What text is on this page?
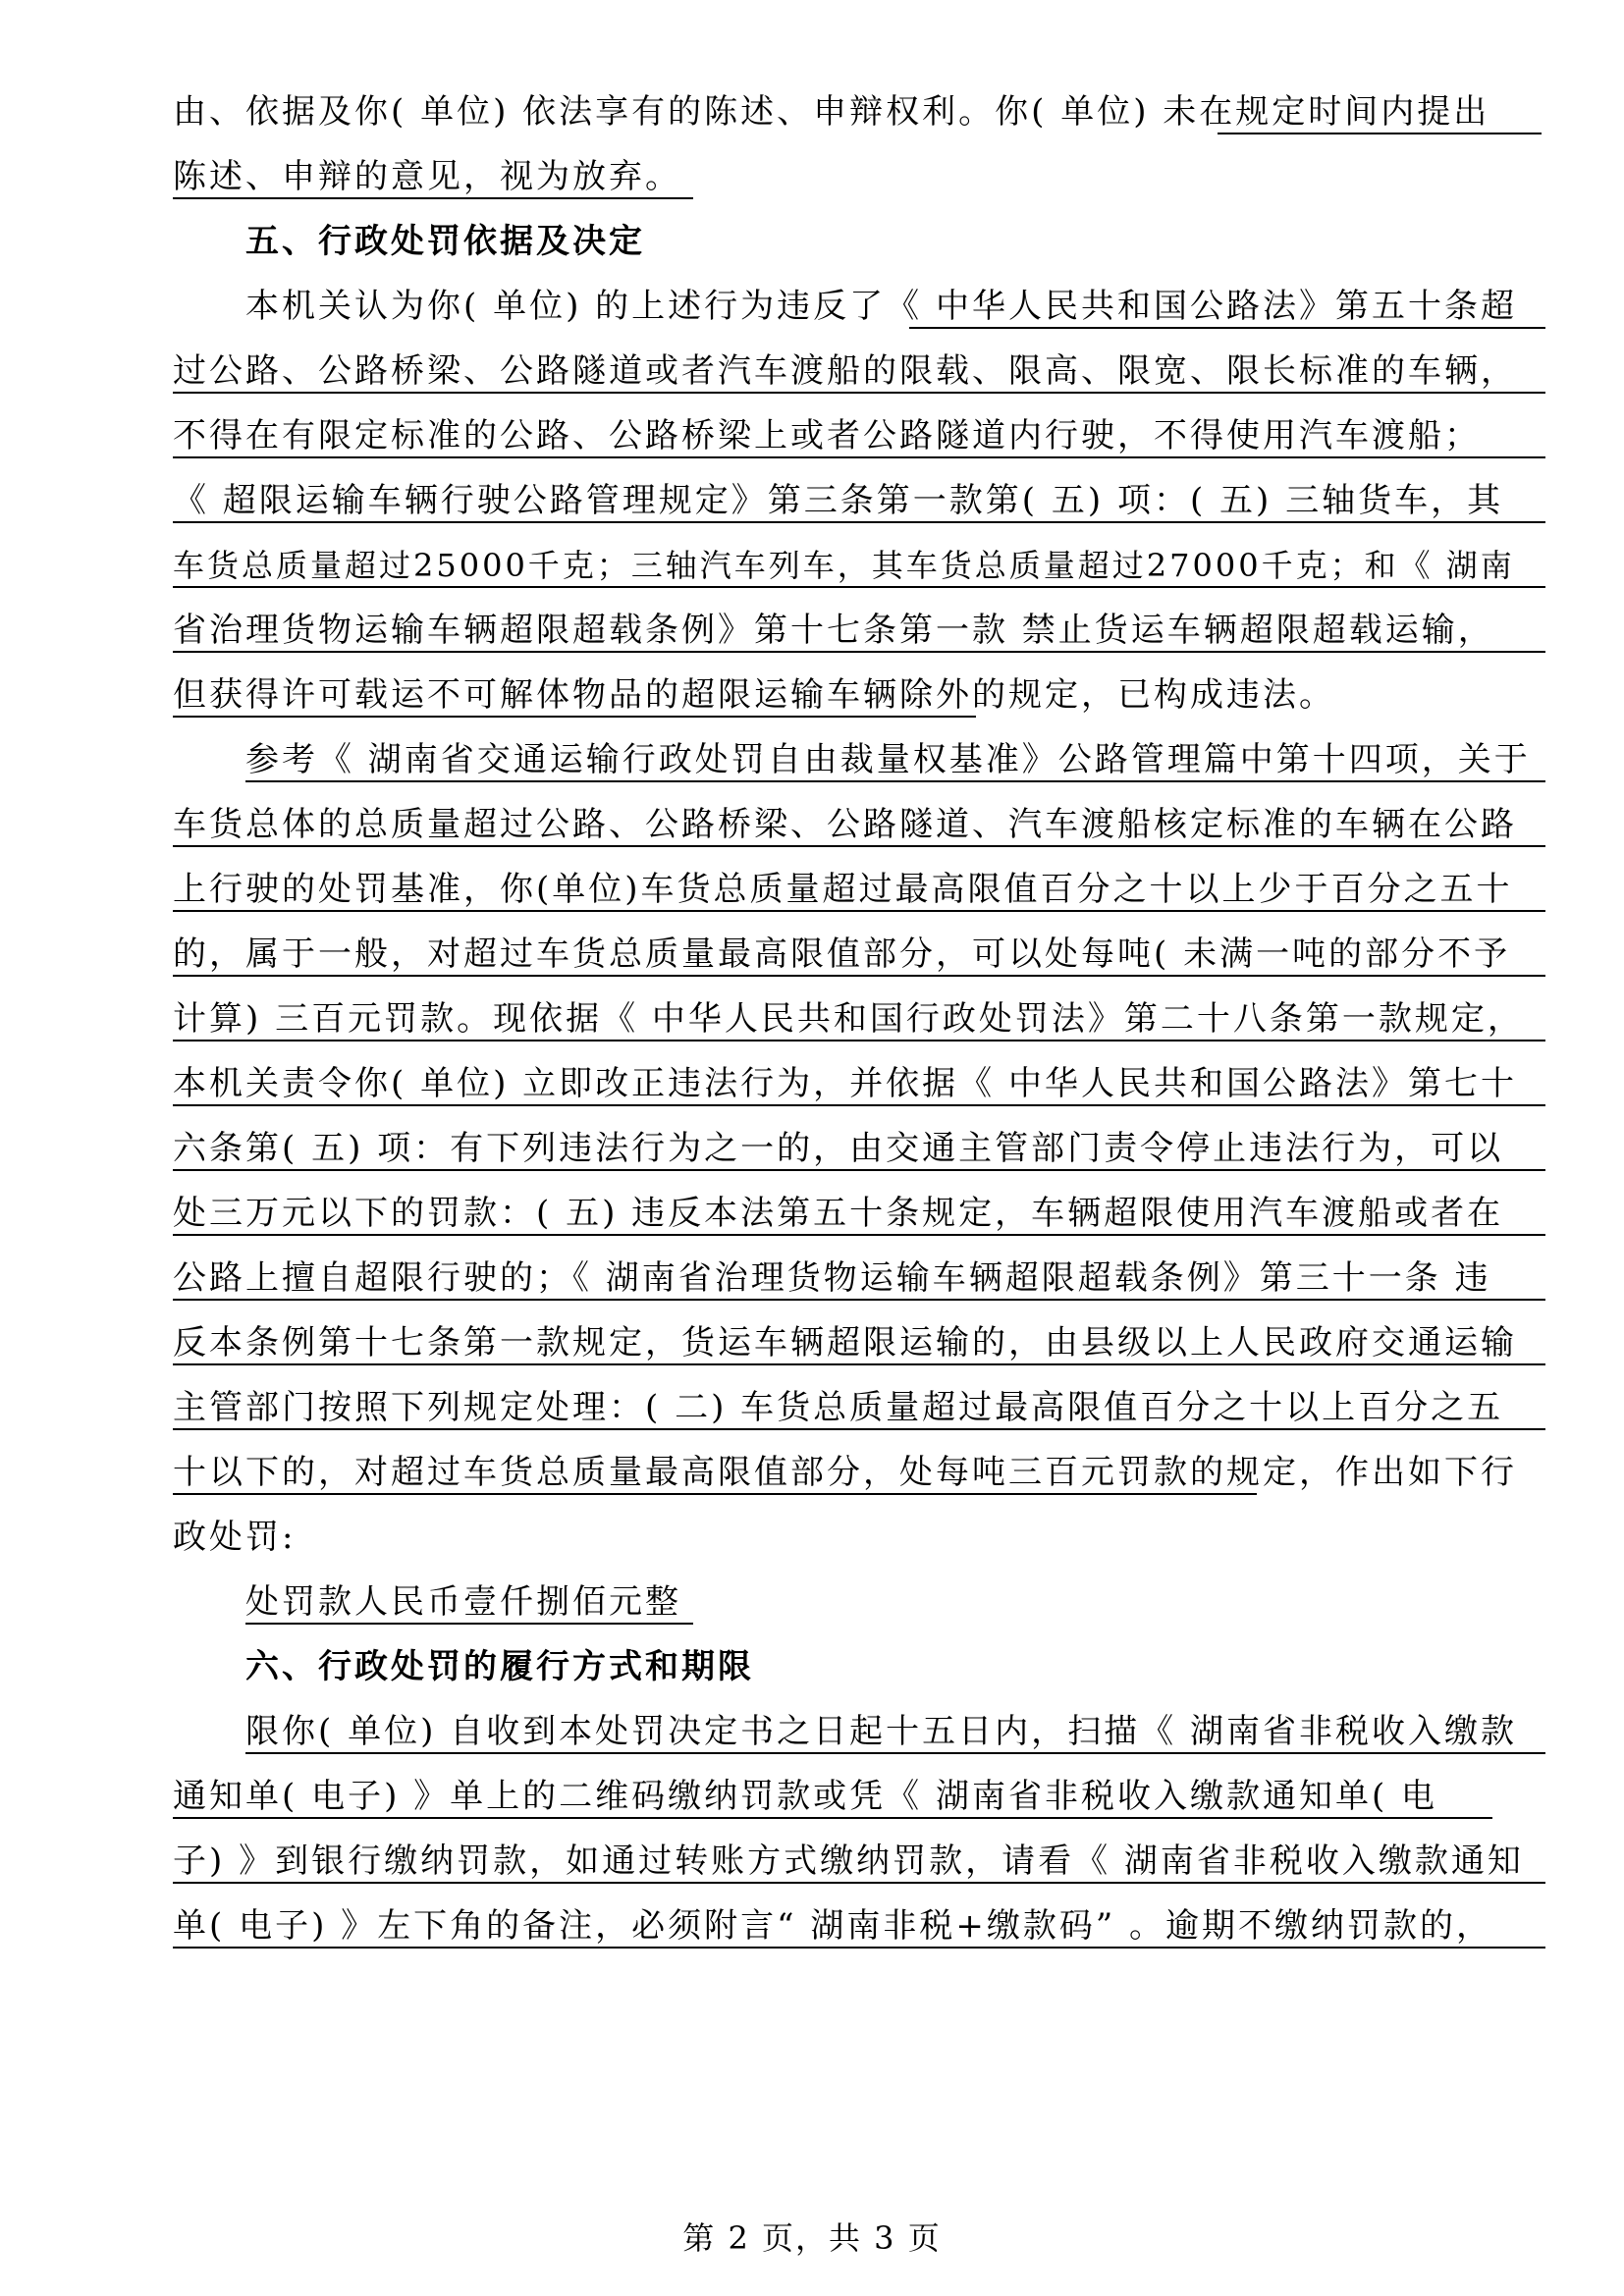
由、依据及你( 单位) 依法享有的陈述、申辩权利。你( 单位) 未在规定时间内提出
陈述、申辩的意见，视为放弃。
五、行政处罚依据及决定
本机关认为你( 单位) 的上述行为违反了《 中华人民共和国公路法》第五十条超
过公路、公路桥梁、公路隧道或者汽车渡船的限载、限高、限宽、限长标准的车辆，
不得在有限定标准的公路、公路桥梁上或者公路隧道内行驶，不得使用汽车渡船；
《 超限运输车辆行驶公路管理规定》第三条第一款第( 五) 项：( 五) 三轴货车，其
车货总质量超过25000千克；三轴汽车列车，其车货总质量超过27000千克；和《 湖南
省治理货物运输车辆超限超载条例》第十七条第一款 禁止货运车辆超限超载运输，
但获得许可载运不可解体物品的超限运输车辆除外的规定，已构成违法。
参考《 湖南省交通运输行政处罚自由裁量权基准》公路管理篇中第十四项，关于
车货总体的总质量超过公路、公路桥梁、公路隧道、汽车渡船核定标准的车辆在公路
上行驶的处罚基准，你(单位)车货总质量超过最高限值百分之十以上少于百分之五十
的，属于一般，对超过车货总质量最高限值部分，可以处每吨( 未满一吨的部分不予
计算) 三百元罚款。现依据《 中华人民共和国行政处罚法》第二十八条第一款规定，
本机关责令你( 单位) 立即改正违法行为，并依据《 中华人民共和国公路法》第七十
六条第( 五) 项：有下列违法行为之一的，由交通主管部门责令停止违法行为，可以
处三万元以下的罚款：( 五) 违反本法第五十条规定，车辆超限使用汽车渡船或者在
公路上擅自超限行驶的；《 湖南省治理货物运输车辆超限超载条例》第三十一条 违
反本条例第十七条第一款规定，货运车辆超限运输的，由县级以上人民政府交通运输
主管部门按照下列规定处理：( 二) 车货总质量超过最高限值百分之十以上百分之五
十以下的，对超过车货总质量最高限值部分，处每吨三百元罚款的规定，作出如下行
政处罚:
处罚款人民币壹仟捌佰元整
六、行政处罚的履行方式和期限
限你( 单位) 自收到本处罚决定书之日起十五日内，扫描《 湖南省非税收入缴款
通知单( 电子) 》单上的二维码缴纳罚款或凭《 湖南省非税收入缴款通知单( 电
子) 》到银行缴纳罚款，如通过转账方式缴纳罚款，请看《 湖南省非税收入缴款通知
单( 电子) 》左下角的备注，必须附言“ 湖南非税+缴款码” 。逾期不缴纳罚款的，
第 2 页，共 3 页
